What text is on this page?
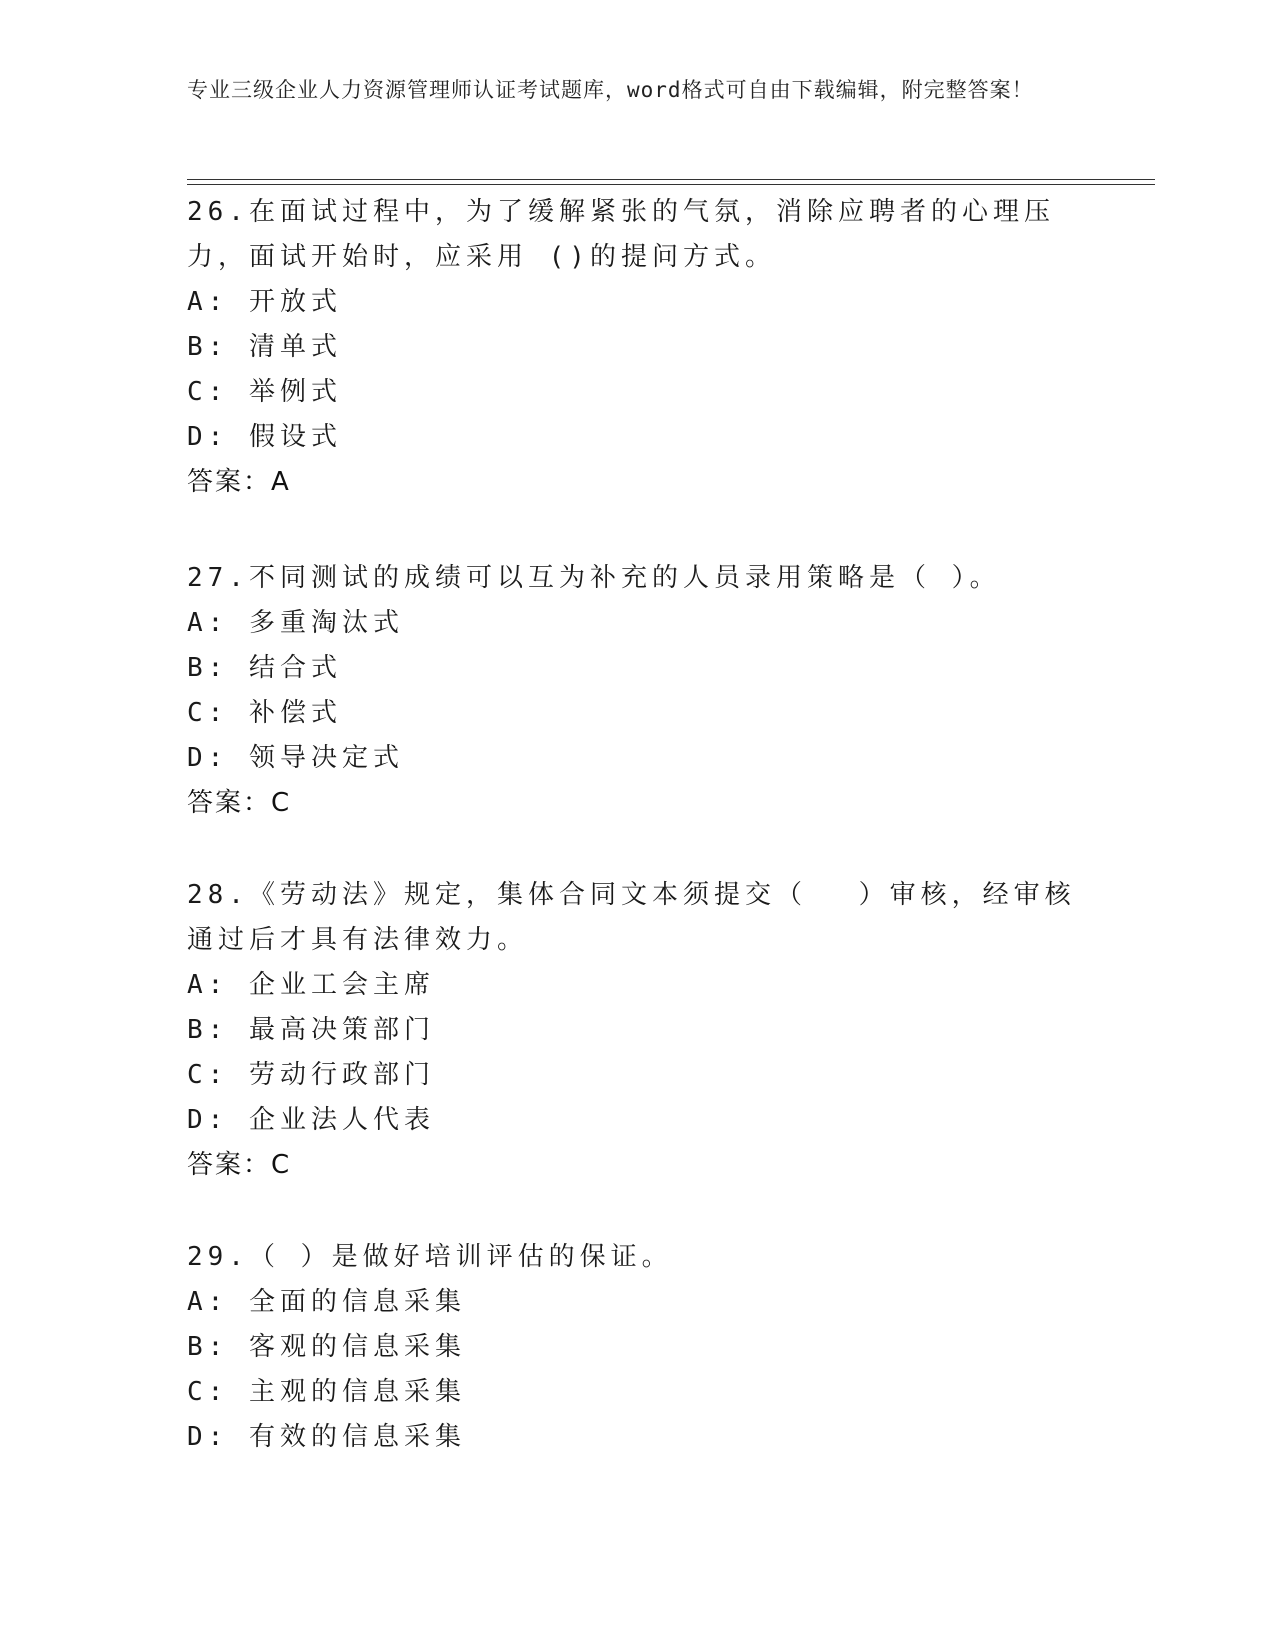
专业三级企业人力资源管理师认证考试题库，word格式可自由下载编辑，附完整答案！

26.在面试过程中，为了缓解紧张的气氛，消除应聘者的心理压力，面试开始时，应采用 ()的提问方式。

A: 开放式
B: 清单式
C: 举例式
D: 假设式
答案：A

27.不同测试的成绩可以互为补充的人员录用策略是（ ）。

A: 多重淘汰式
B: 结合式
C: 补偿式
D: 领导决定式
答案：C

28.《劳动法》规定，集体合同文本须提交（　 ）审核，经审核通过后才具有法律效力。

A: 企业工会主席
B: 最高决策部门
C: 劳动行政部门
D: 企业法人代表
答案：C

29.（ ）是做好培训评估的保证。

A: 全面的信息采集
B: 客观的信息采集
C: 主观的信息采集
D: 有效的信息采集
